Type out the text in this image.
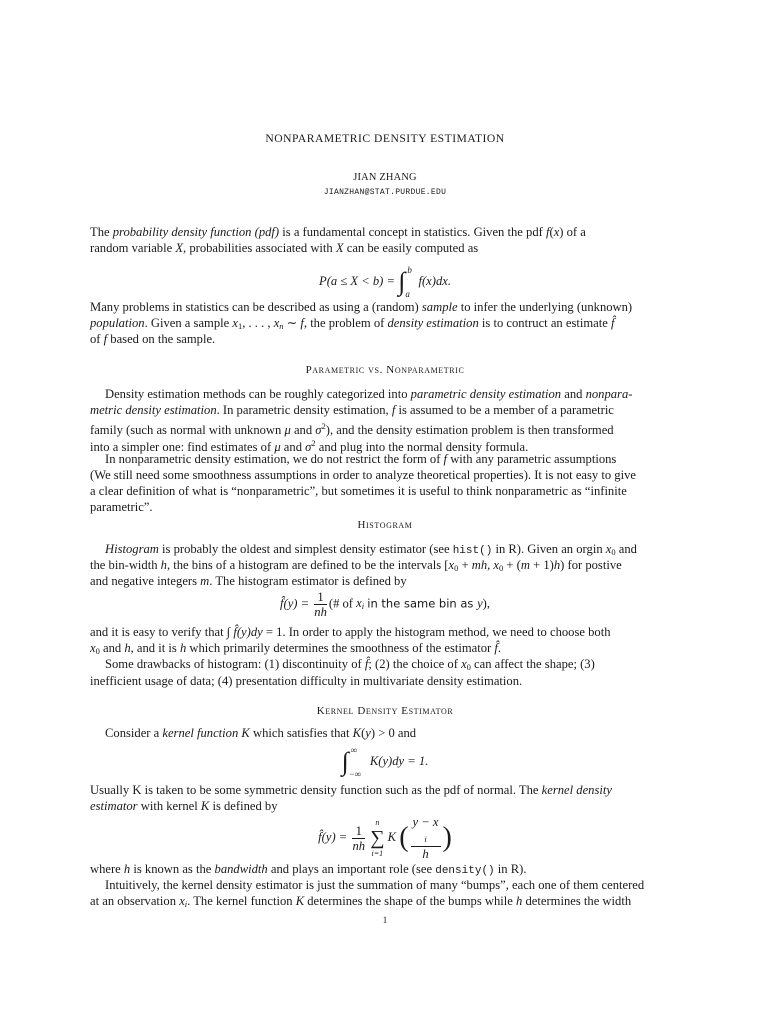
NONPARAMETRIC DENSITY ESTIMATION
JIAN ZHANG
JIANZHAN@STAT.PURDUE.EDU
The probability density function (pdf) is a fundamental concept in statistics. Given the pdf f(x) of a
random variable X, probabilities associated with X can be easily computed as
P(a ≤ X < b) = ∫ b
a
f(x)dx.
Many problems in statistics can be described as using a (random) sample to infer the underlying (unknown)
population. Given a sample $x_1$, . . . , $x_n$ ∼ f, the problem of density estimation is to contruct an estimate f̂
of f based on the sample.
Parametric vs. Nonparametric
Density estimation methods can be roughly categorized into parametric density estimation and nonpara-
metric density estimation. In parametric density estimation, f is assumed to be a member of a parametric
family (such as normal with unknown μ and $\sigma^2$), and the density estimation problem is then transformed
into a simpler one: find estimates of μ and $\sigma^2$ and plug into the normal density formula.
In nonparametric density estimation, we do not restrict the form of f with any parametric assumptions
(We still need some smoothness assumptions in order to analyze theoretical properties). It is not easy to give
a clear definition of what is “nonparametric”, but sometimes it is useful to think nonparametric as “infinite
parametric”.
Histogram
Histogram is probably the oldest and simplest density estimator (see hist() in R). Given an orgin $x_0$ and
the bin-width h, the bins of a histogram are defined to be the intervals [$x_0$ + mh, $x_0 + (m + 1)h$) for postive
and negative integers m. The histogram estimator is defined by
f̂(y) = $\frac{1}{nh}$ (# of $x_i$ in the same bin as y),
and it is easy to verify that ∫ f̂(y)dy = 1. In order to apply the histogram method, we need to choose both
$x_0$ and h, and it is h which primarily determines the smoothness of the estimator f̂.
Some drawbacks of histogram: (1) discontinuity of f̂; (2) the choice of $x_0$ can affect the shape; (3)
inefficient usage of data; (4) presentation difficulty in multivariate density estimation.
Kernel Density Estimator
Consider a kernel function K which satisfies that K(y) > 0 and
∫ ∞
−∞
K(y)dy = 1.
Usually K is taken to be some symmetric density function such as the pdf of normal. The kernel density
estimator with kernel K is defined by
f̂(y) = $\frac{1}{nh}$

n
∑
i=1
K ( y − x
$_i$
h )
where h is known as the bandwidth and plays an important role (see density() in R).
Intuitively, the kernel density estimator is just the summation of many “bumps”, each one of them centered
at an observation $x_i$. The kernel function K determines the shape of the bumps while h determines the width
1
